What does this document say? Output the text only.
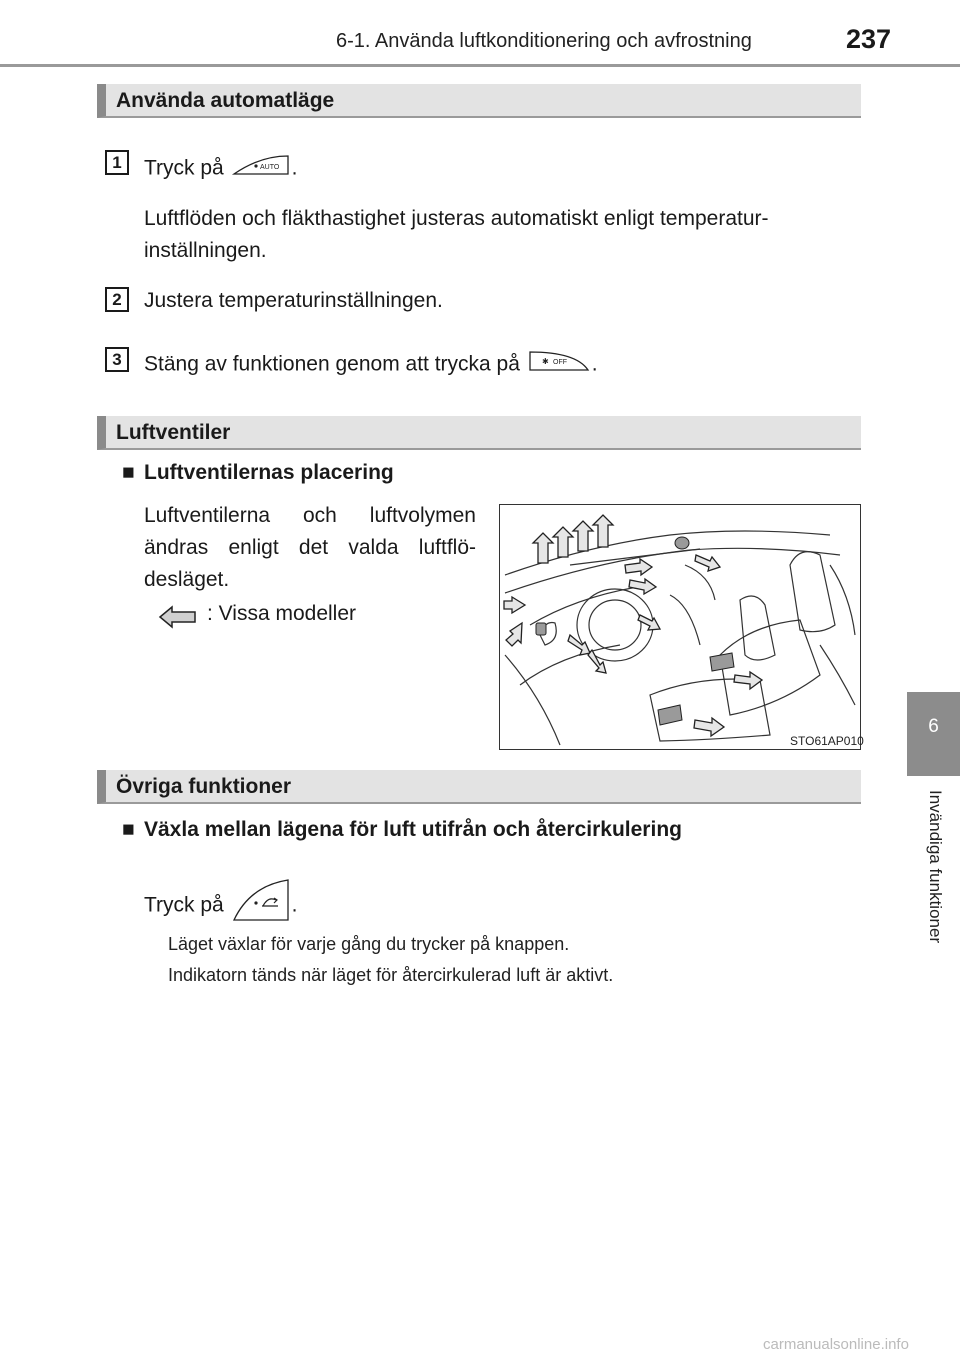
6-1. Använda luftkonditionering och avfrostning	237
6
Invändiga funktioner
Använda automatläge
1	Tryck på	AUTO .
Luftflöden och fläkthastighet justeras automatiskt enligt temperatur-inställningen.
2	Justera temperaturinställningen.
3	Stäng av funktionen genom att trycka på	✱ OFF .
Luftventiler
■ Luftventilernas placering
Luftventilerna och luftvolymen
ändras enligt det valda luftflö-
desläget.
: Vissa modeller
STO61AP010
Övriga funktioner
■ Växla mellan lägena för luft utifrån och återcirkulering
Tryck på	.
Läget växlar för varje gång du trycker på knappen.
Indikatorn tänds när läget för återcirkulerad luft är aktivt.
carmanualsonline.info
